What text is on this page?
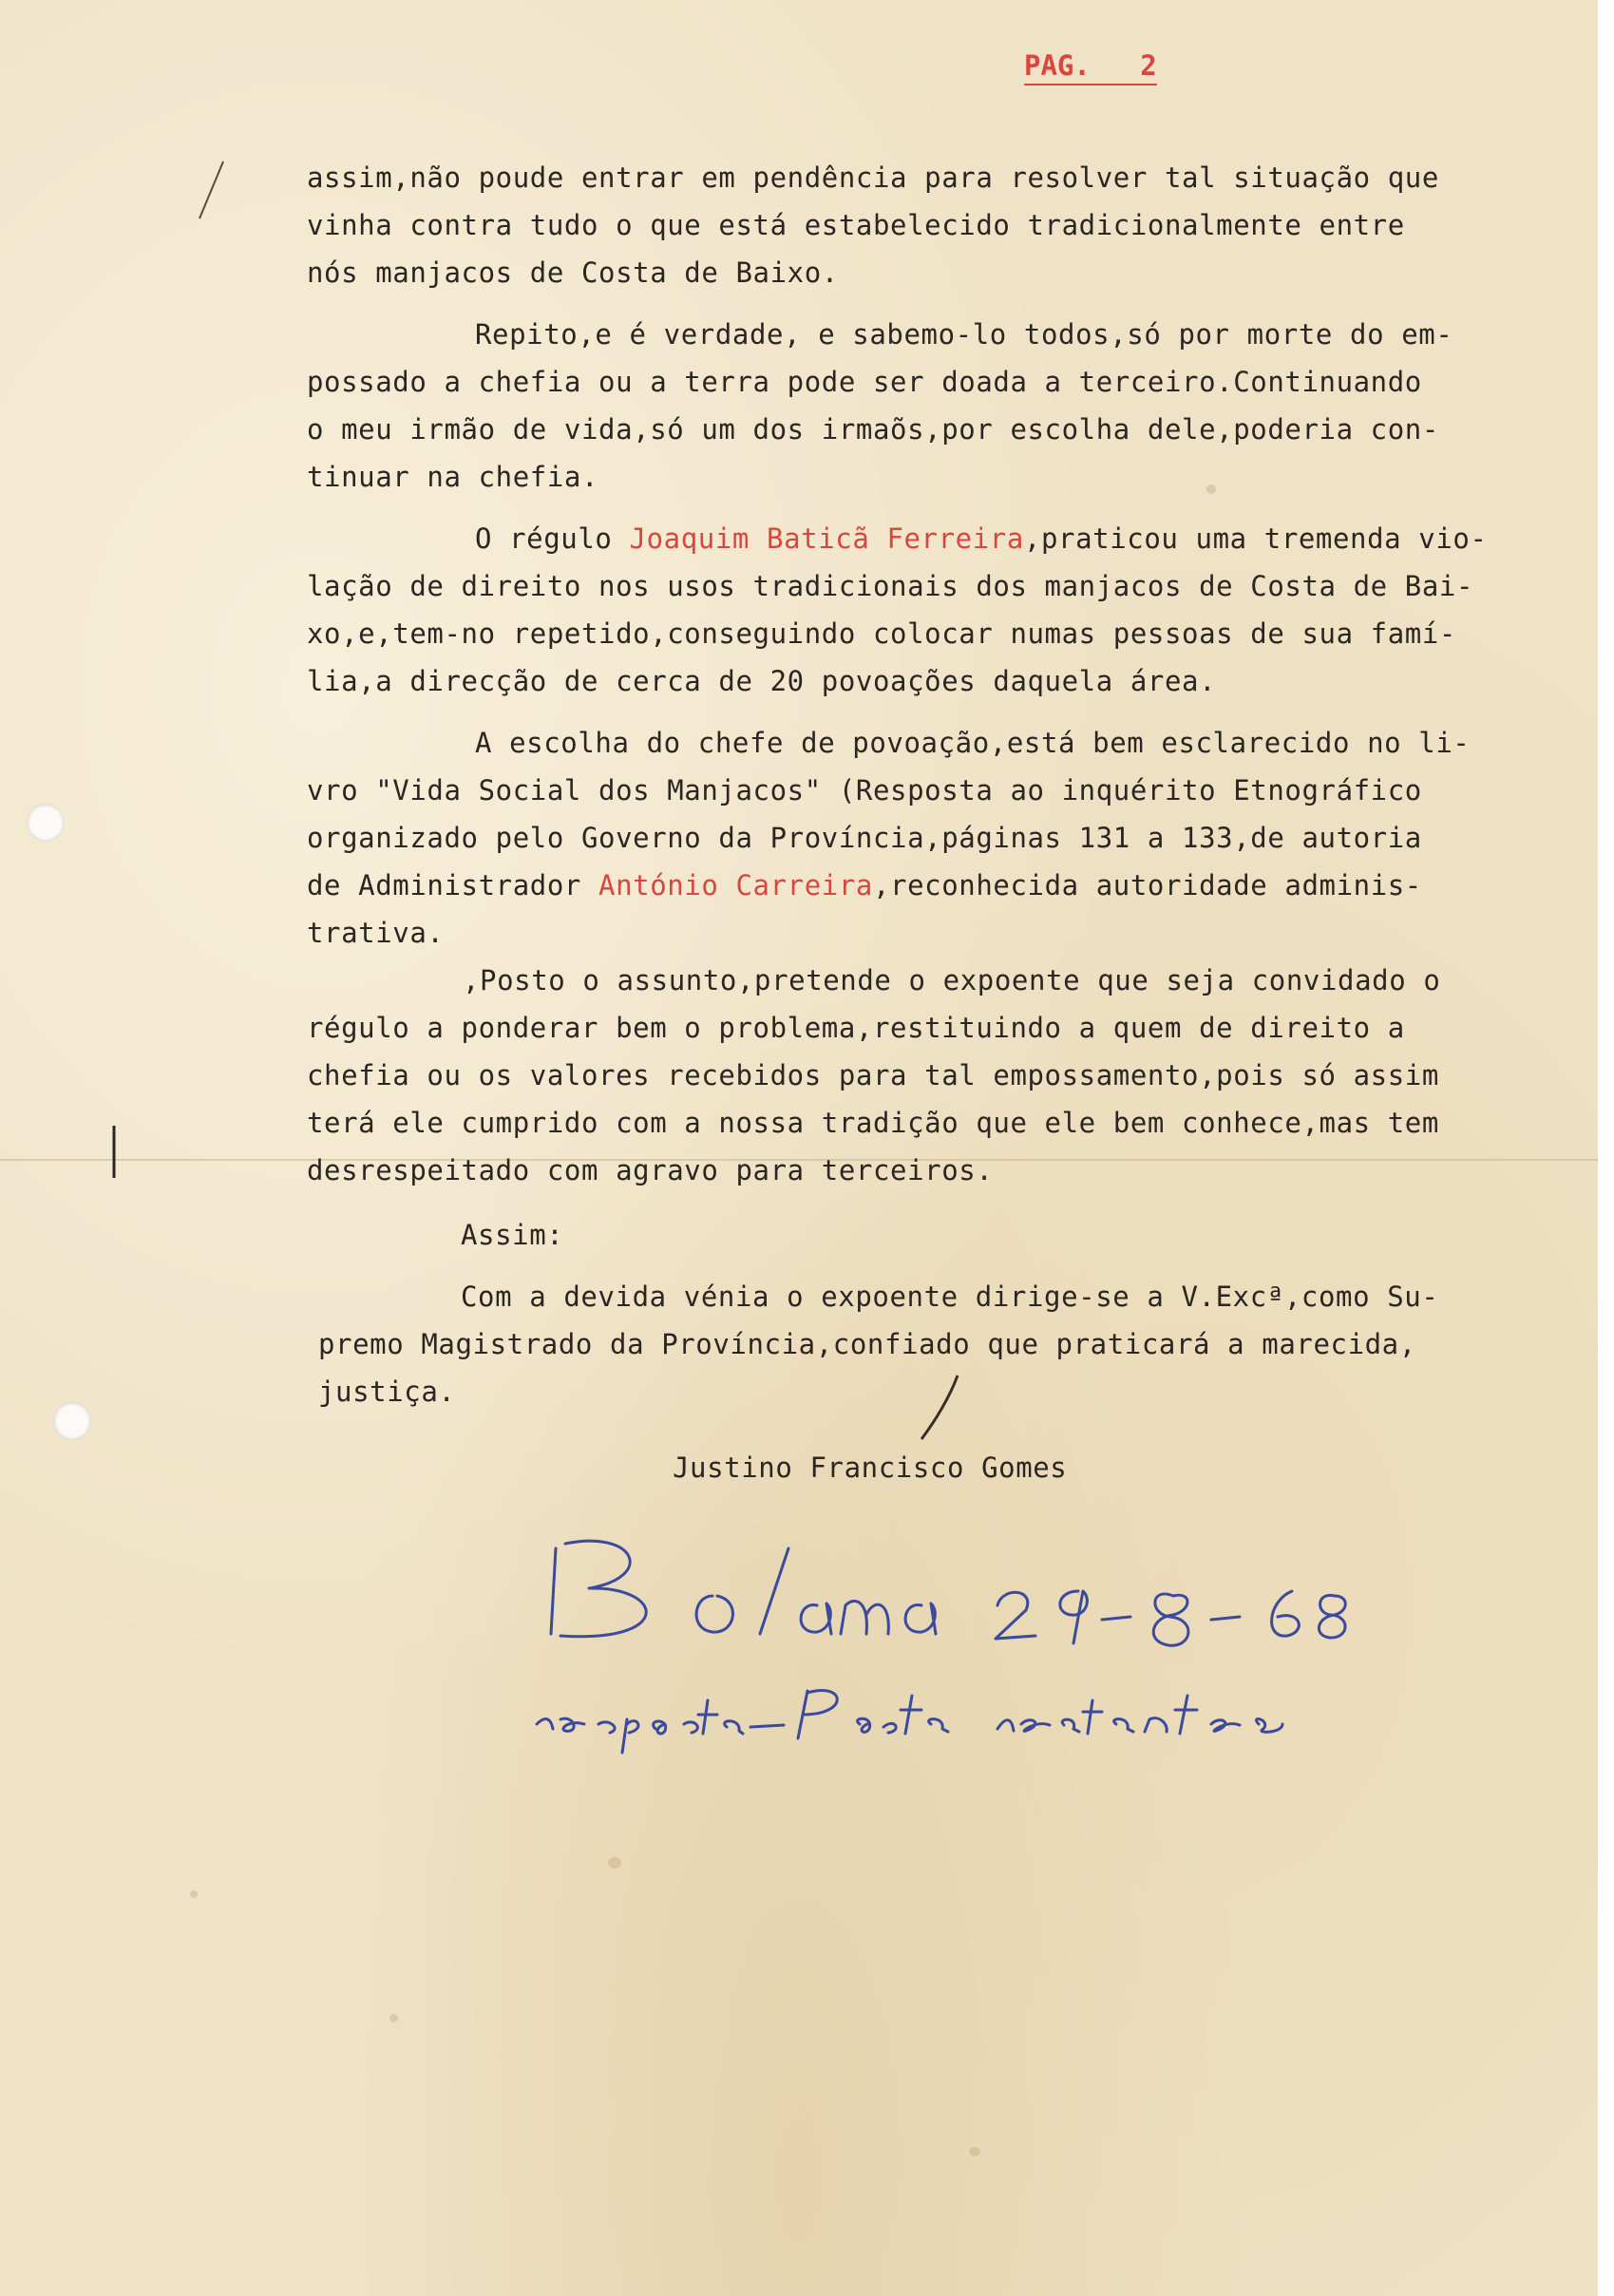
PAG. 2
assim,não poude entrar em pendência para resolver tal situação que
vinha contra tudo o que está estabelecido tradicionalmente entre
nós manjacos de Costa de Baixo.
Repito,e é verdade, e sabemo-lo todos,só por morte do em-
possado a chefia ou a terra pode ser doada a terceiro.Continuando
o meu irmão de vida,só um dos irmaõs,por escolha dele,poderia con-
tinuar na chefia.
O régulo Joaquim Baticã Ferreira,praticou uma tremenda vio-
lação de direito nos usos tradicionais dos manjacos de Costa de Bai-
xo,e,tem-no repetido,conseguindo colocar numas pessoas de sua famí-
lia,a direcção de cerca de 20 povoações daquela área.
A escolha do chefe de povoação,está bem esclarecido no li-
vro "Vida Social dos Manjacos" (Resposta ao inquérito Etnográfico
organizado pelo Governo da Província,páginas 131 a 133,de autoria
de Administrador António Carreira,reconhecida autoridade adminis-
trativa.
,Posto o assunto,pretende o expoente que seja convidado o
régulo a ponderar bem o problema,restituindo a quem de direito a
chefia ou os valores recebidos para tal empossamento,pois só assim
terá ele cumprido com a nossa tradição que ele bem conhece,mas tem
desrespeitado com agravo para terceiros.
Assim:
Com a devida vénia o expoente dirige-se a V.Excª,como Su-
premo Magistrado da Província,confiado que praticará a marecida,
justiça.
Justino Francisco Gomes
